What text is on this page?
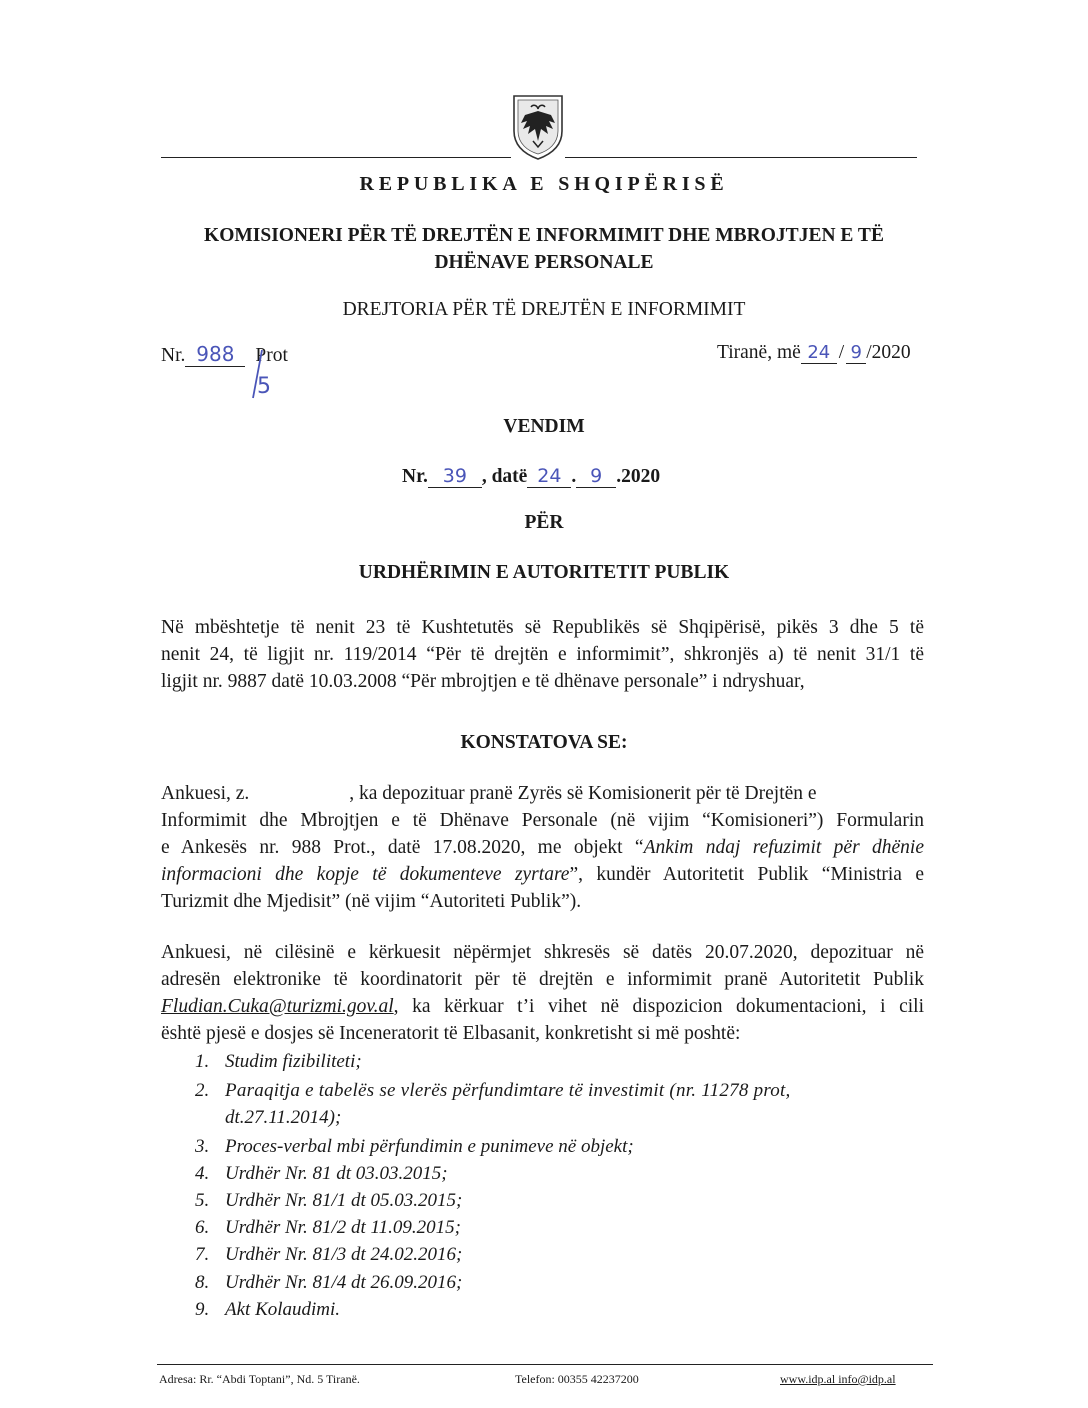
REPUBLIKA E SHQIPËRISË
KOMISIONERI PËR TË DREJTËN E INFORMIMIT DHE MBROJTJEN E TË
DHËNAVE PERSONALE
DREJTORIA PËR TË DREJTËN E INFORMIMIT
Nr. 988 Prot
5
Tiranë, më 24 / 9 /2020
VENDIM
Nr. 39 , datë 24 . 9 .2020
PËR
URDHËRIMIN E AUTORITETIT PUBLIK
Në mbështetje të nenit 23 të Kushtetutës së Republikës së Shqipërisë, pikës 3 dhe 5 të
nenit 24, të ligjit nr. 119/2014 “Për të drejtën e informimit”, shkronjës a) të nenit 31/1 të
ligjit nr. 9887 datë 10.03.2008 “Për mbrojtjen e të dhënave personale” i ndryshuar,
KONSTATOVA SE:
Ankuesi, z.	, ka depozituar pranë Zyrës së Komisionerit për të Drejtën e
Informimit dhe Mbrojtjen e të Dhënave Personale (në vijim “Komisioneri”) Formularin
e Ankesës nr. 988 Prot., datë 17.08.2020, me objekt “Ankim ndaj refuzimit për dhënie
informacioni dhe kopje të dokumenteve zyrtare”, kundër Autoritetit Publik “Ministria e
Turizmit dhe Mjedisit” (në vijim “Autoriteti Publik”).
Ankuesi, në cilësinë e kërkuesit nëpërmjet shkresës së datës 20.07.2020, depozituar në
adresën elektronike të koordinatorit për të drejtën e informimit pranë Autoritetit Publik
Fludian.Cuka@turizmi.gov.al, ka kërkuar t’i vihet në dispozicion dokumentacioni, i cili
është pjesë e dosjes së Inceneratorit të Elbasanit, konkretisht si më poshtë:
1. Studim fizibiliteti;
2. Paraqitja e tabelës se vlerës përfundimtare të investimit (nr. 11278 prot,
dt.27.11.2014);
3. Proces-verbal mbi përfundimin e punimeve në objekt;
4. Urdhër Nr. 81 dt 03.03.2015;
5. Urdhër Nr. 81/1 dt 05.03.2015;
6. Urdhër Nr. 81/2 dt 11.09.2015;
7. Urdhër Nr. 81/3 dt 24.02.2016;
8. Urdhër Nr. 81/4 dt 26.09.2016;
9. Akt Kolaudimi.
Adresa: Rr. “Abdi Toptani”, Nd. 5 Tiranë.	Telefon: 00355 42237200	www.idp.al info@idp.al
